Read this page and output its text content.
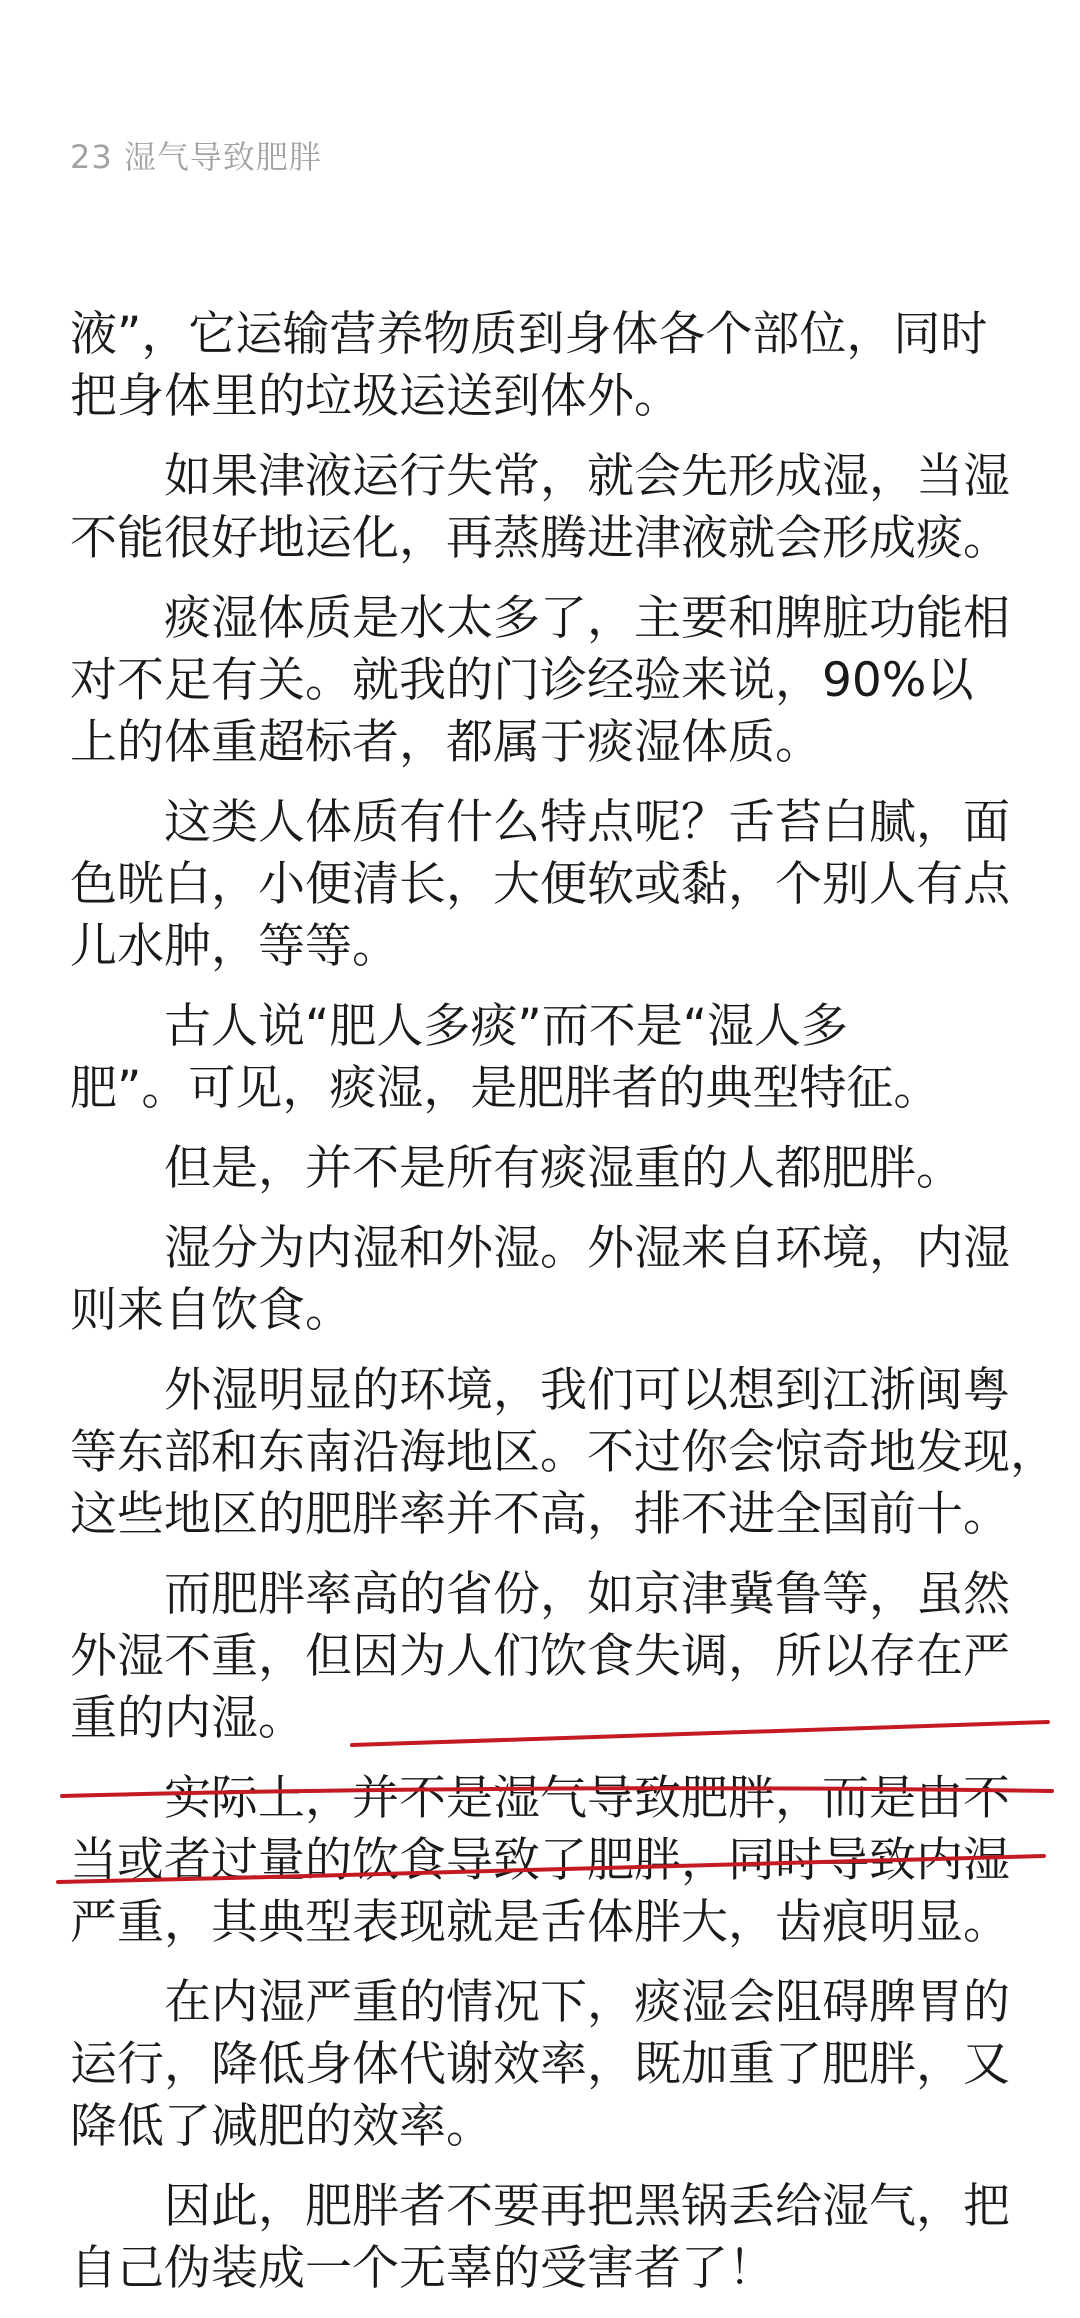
23 湿气导致肥胖
液”，它运输营养物质到身体各个部位，同时
把身体里的垃圾运送到体外。
如果津液运行失常，就会先形成湿，当湿
不能很好地运化，再蒸腾进津液就会形成痰。
痰湿体质是水太多了，主要和脾脏功能相
对不足有关。就我的门诊经验来说，90%以
上的体重超标者，都属于痰湿体质。
这类人体质有什么特点呢？舌苔白腻，面
色晄白，小便清长，大便软或黏，个别人有点
儿水肿，等等。
古人说“肥人多痰”而不是“湿人多
肥”。可见，痰湿，是肥胖者的典型特征。
但是，并不是所有痰湿重的人都肥胖。
湿分为内湿和外湿。外湿来自环境，内湿
则来自饮食。
外湿明显的环境，我们可以想到江浙闽粤
等东部和东南沿海地区。不过你会惊奇地发现，
这些地区的肥胖率并不高，排不进全国前十。
而肥胖率高的省份，如京津冀鲁等，虽然
外湿不重，但因为人们饮食失调，所以存在严
重的内湿。
实际上，并不是湿气导致肥胖，而是由不
当或者过量的饮食导致了肥胖，同时导致内湿
严重，其典型表现就是舌体胖大，齿痕明显。
在内湿严重的情况下，痰湿会阻碍脾胃的
运行，降低身体代谢效率，既加重了肥胖，又
降低了减肥的效率。
因此，肥胖者不要再把黑锅丢给湿气，把
自己伪装成一个无辜的受害者了！
